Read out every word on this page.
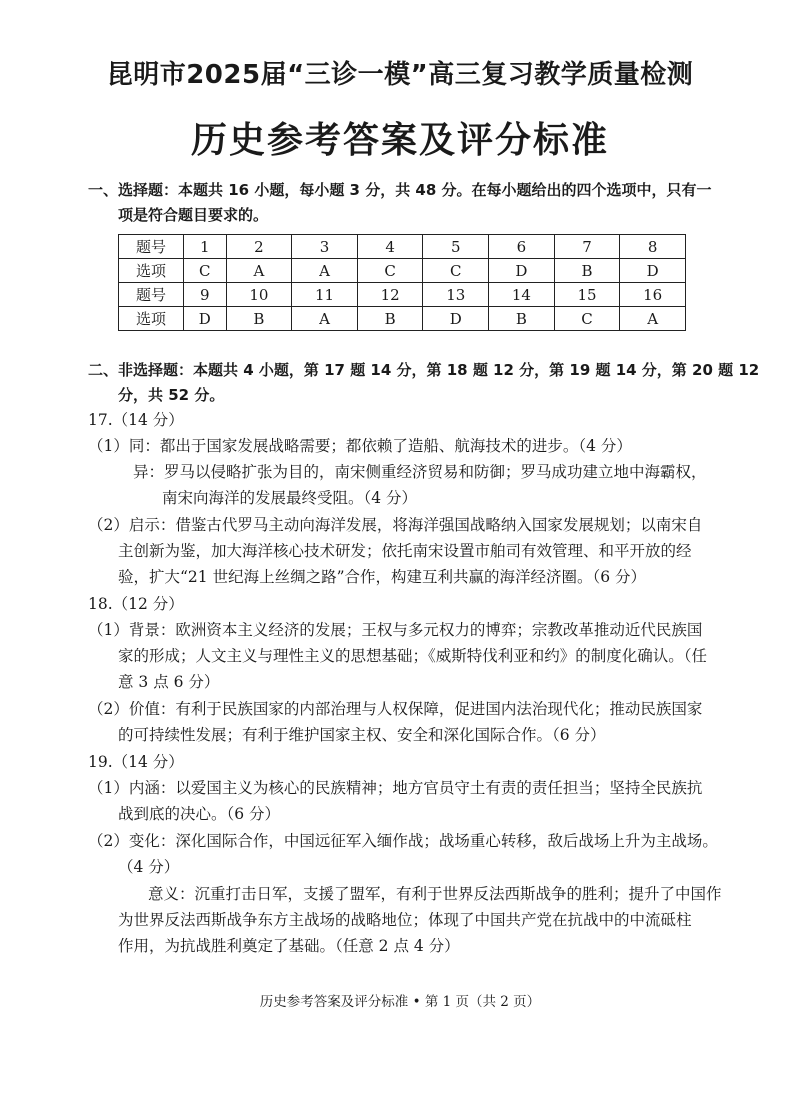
昆明市2025届“三诊一模”高三复习教学质量检测
历史参考答案及评分标准
一、选择题：本题共 16 小题，每小题 3 分，共 48 分。在每小题给出的四个选项中，只有一
项是符合题目要求的。
题号	1	2	3	4	5	6	7	8
选项	C	A	A	C	C	D	B	D
题号	9	10	11	12	13	14	15	16
选项	D	B	A	B	D	B	C	A
二、非选择题：本题共 4 小题，第 17 题 14 分，第 18 题 12 分，第 19 题 14 分，第 20 题 12
分，共 52 分。
17.（14 分）
（1）同：都出于国家发展战略需要；都依赖了造船、航海技术的进步。（4 分）
异：罗马以侵略扩张为目的，南宋侧重经济贸易和防御；罗马成功建立地中海霸权，
南宋向海洋的发展最终受阻。（4 分）
（2）启示：借鉴古代罗马主动向海洋发展，将海洋强国战略纳入国家发展规划；以南宋自
主创新为鉴，加大海洋核心技术研发；依托南宋设置市舶司有效管理、和平开放的经
验，扩大“21 世纪海上丝绸之路”合作，构建互利共赢的海洋经济圈。（6 分）
18.（12 分）
（1）背景：欧洲资本主义经济的发展；王权与多元权力的博弈；宗教改革推动近代民族国
家的形成；人文主义与理性主义的思想基础；《威斯特伐利亚和约》的制度化确认。（任
意 3 点 6 分）
（2）价值：有利于民族国家的内部治理与人权保障，促进国内法治现代化；推动民族国家
的可持续性发展；有利于维护国家主权、安全和深化国际合作。（6 分）
19.（14 分）
（1）内涵：以爱国主义为核心的民族精神；地方官员守土有责的责任担当；坚持全民族抗
战到底的决心。（6 分）
（2）变化：深化国际合作，中国远征军入缅作战；战场重心转移，敌后战场上升为主战场。
（4 分）
意义：沉重打击日军，支援了盟军，有利于世界反法西斯战争的胜利；提升了中国作
为世界反法西斯战争东方主战场的战略地位；体现了中国共产党在抗战中的中流砥柱
作用，为抗战胜利奠定了基础。（任意 2 点 4 分）
历史参考答案及评分标准 • 第 1 页（共 2 页）
